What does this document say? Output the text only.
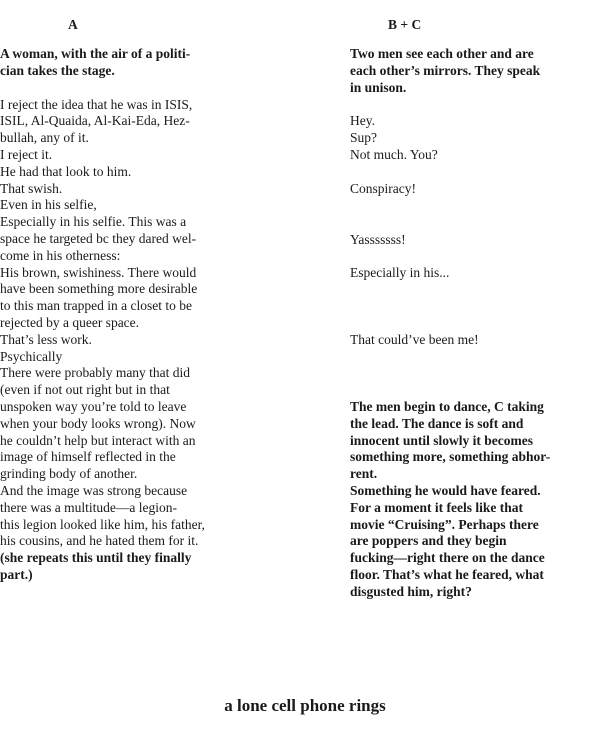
A	B + C
A woman, with the air of a politi-
cian takes the stage.
I reject the idea that he was in ISIS,
ISIL, Al-Quaida, Al-Kai-Eda, Hez-
bullah, any of it.
I reject it.
He had that look to him.
That swish.
Even in his selfie,
Especially in his selfie. This was a
space he targeted bc they dared wel-
come in his otherness:
His brown, swishiness. There would
have been something more desirable
to this man trapped in a closet to be
rejected by a queer space.
That’s less work.
Psychically
There were probably many that did
(even if not out right but in that
unspoken way you’re told to leave
when your body looks wrong). Now
he couldn’t help but interact with an
image of himself reflected in the
grinding body of another.
And the image was strong because
there was a multitude—a legion-
this legion looked like him, his father,
his cousins, and he hated them for it.
(she repeats this until they finally
part.)
Two men see each other and are
each other’s mirrors. They speak
in unison.
Hey.
Sup?
Not much. You?
Conspiracy!
Yasssssss!
Especially in his...
That could’ve been me!
The men begin to dance, C taking
the lead. The dance is soft and
innocent until slowly it becomes
something more, something abhor-
rent.
Something he would have feared.
For a moment it feels like that
movie “Cruising”. Perhaps there
are poppers and they begin
fucking—right there on the dance
floor. That’s what he feared, what
disgusted him, right?
a lone cell phone rings
